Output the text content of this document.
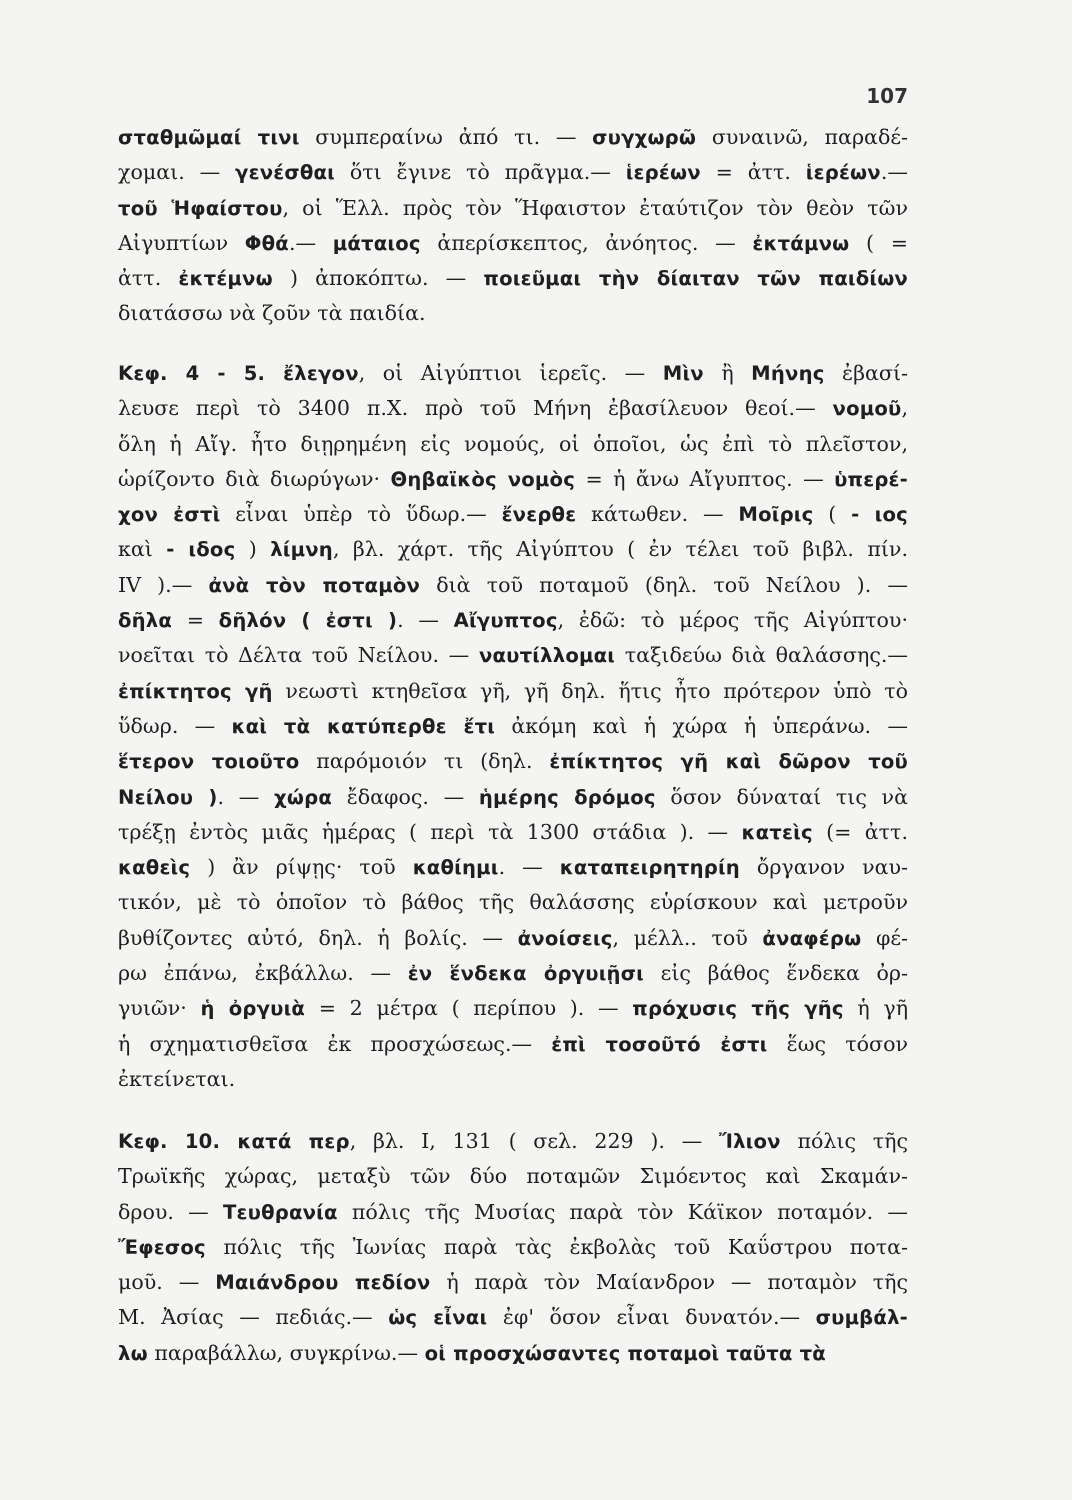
107
σταθμῶμαί τινι συμπεραίνω ἀπό τι. — συγχωρῶ συναινῶ, παραδέ-
χομαι. — γενέσθαι ὅτι ἔγινε τὸ πρᾶγμα.— ἱερέων = ἀττ. ἱερέων.—
τοῦ Ἡφαίστου, οἱ Ἕλλ. πρὸς τὸν Ἥφαιστον ἐταύτιζον τὸν θεὸν τῶν
Αἰγυπτίων Φθά.— μάταιος ἀπερίσκεπτος, ἀνόητος. — ἐκτάμνω ( =
ἀττ. ἐκτέμνω ) ἀποκόπτω. — ποιεῦμαι τὴν δίαιταν τῶν παιδίων
διατάσσω νὰ ζοῦν τὰ παιδία.
Κεφ. 4 - 5. ἔλεγον, οἱ Αἰγύπτιοι ἱερεῖς. — Μὶν ἢ Μήνης ἐβασί-
λευσε περὶ τὸ 3400 π.Χ. πρὸ τοῦ Μήνη ἐβασίλευον θεοί.— νομοῦ,
ὅλη ἡ Αἴγ. ἦτο διῃρημένη εἰς νομούς, οἱ ὁποῖοι, ὡς ἐπὶ τὸ πλεῖστον,
ὡρίζοντο διὰ διωρύγων· Θηβαϊκὸς νομὸς = ἡ ἄνω Αἴγυπτος. — ὑπερέ-
χον ἐστὶ εἶναι ὑπὲρ τὸ ὕδωρ.— ἔνερθε κάτωθεν. — Μοῖρις ( - ιος
καὶ - ιδος ) λίμνη, βλ. χάρτ. τῆς Αἰγύπτου ( ἐν τέλει τοῦ βιβλ. πίν.
IV ).— ἀνὰ τὸν ποταμὸν διὰ τοῦ ποταμοῦ (δηλ. τοῦ Νείλου ). —
δῆλα = δῆλόν ( ἐστι ). — Αἴγυπτος, ἐδῶ: τὸ μέρος τῆς Αἰγύπτου·
νοεῖται τὸ Δέλτα τοῦ Νείλου. — ναυτίλλομαι ταξιδεύω διὰ θαλάσσης.—
ἐπίκτητος γῆ νεωστὶ κτηθεῖσα γῆ, γῆ δηλ. ἥτις ἦτο πρότερον ὑπὸ τὸ
ὕδωρ. — καὶ τὰ κατύπερθε ἔτι ἀκόμη καὶ ἡ χώρα ἡ ὑπεράνω. —
ἕτερον τοιοῦτο παρόμοιόν τι (δηλ. ἐπίκτητος γῆ καὶ δῶρον τοῦ
Νείλου ). — χώρα ἔδαφος. — ἡμέρης δρόμος ὅσον δύναταί τις νὰ
τρέξῃ ἐντὸς μιᾶς ἡμέρας ( περὶ τὰ 1300 στάδια ). — κατεὶς (= ἀττ.
καθεὶς ) ἂν ρίψῃς· τοῦ καθίημι. — καταπειρητηρίη ὄργανον ναυ-
τικόν, μὲ τὸ ὁποῖον τὸ βάθος τῆς θαλάσσης εὑρίσκουν καὶ μετροῦν
βυθίζοντες αὐτό, δηλ. ἡ βολίς. — ἀνοίσεις, μέλλ.. τοῦ ἀναφέρω φέ-
ρω ἐπάνω, ἐκβάλλω. — ἐν ἕνδεκα ὀργυιῇσι εἰς βάθος ἕνδεκα ὀρ-
γυιῶν· ἡ ὀργυιὰ = 2 μέτρα ( περίπου ). — πρόχυσις τῆς γῆς ἡ γῆ
ἡ σχηματισθεῖσα ἐκ προσχώσεως.— ἐπὶ τοσοῦτό ἐστι ἕως τόσον
ἐκτείνεται.
Κεφ. 10. κατά περ, βλ. I, 131 ( σελ. 229 ). — Ἴλιον πόλις τῆς
Τρωϊκῆς χώρας, μεταξὺ τῶν δύο ποταμῶν Σιμόεντος καὶ Σκαμάν-
δρου. — Τευθρανία πόλις τῆς Μυσίας παρὰ τὸν Κάϊκον ποταμόν. —
Ἔφεσος πόλις τῆς Ἰωνίας παρὰ τὰς ἐκβολὰς τοῦ Καΰστρου ποτα-
μοῦ. — Μαιάνδρου πεδίον ἡ παρὰ τὸν Μαίανδρον — ποταμὸν τῆς
Μ. Ἀσίας — πεδιάς.— ὡς εἶναι ἐφ' ὅσον εἶναι δυνατόν.— συμβάλ-
λω παραβάλλω, συγκρίνω.— οἱ προσχώσαντες ποταμοὶ ταῦτα τὰ
